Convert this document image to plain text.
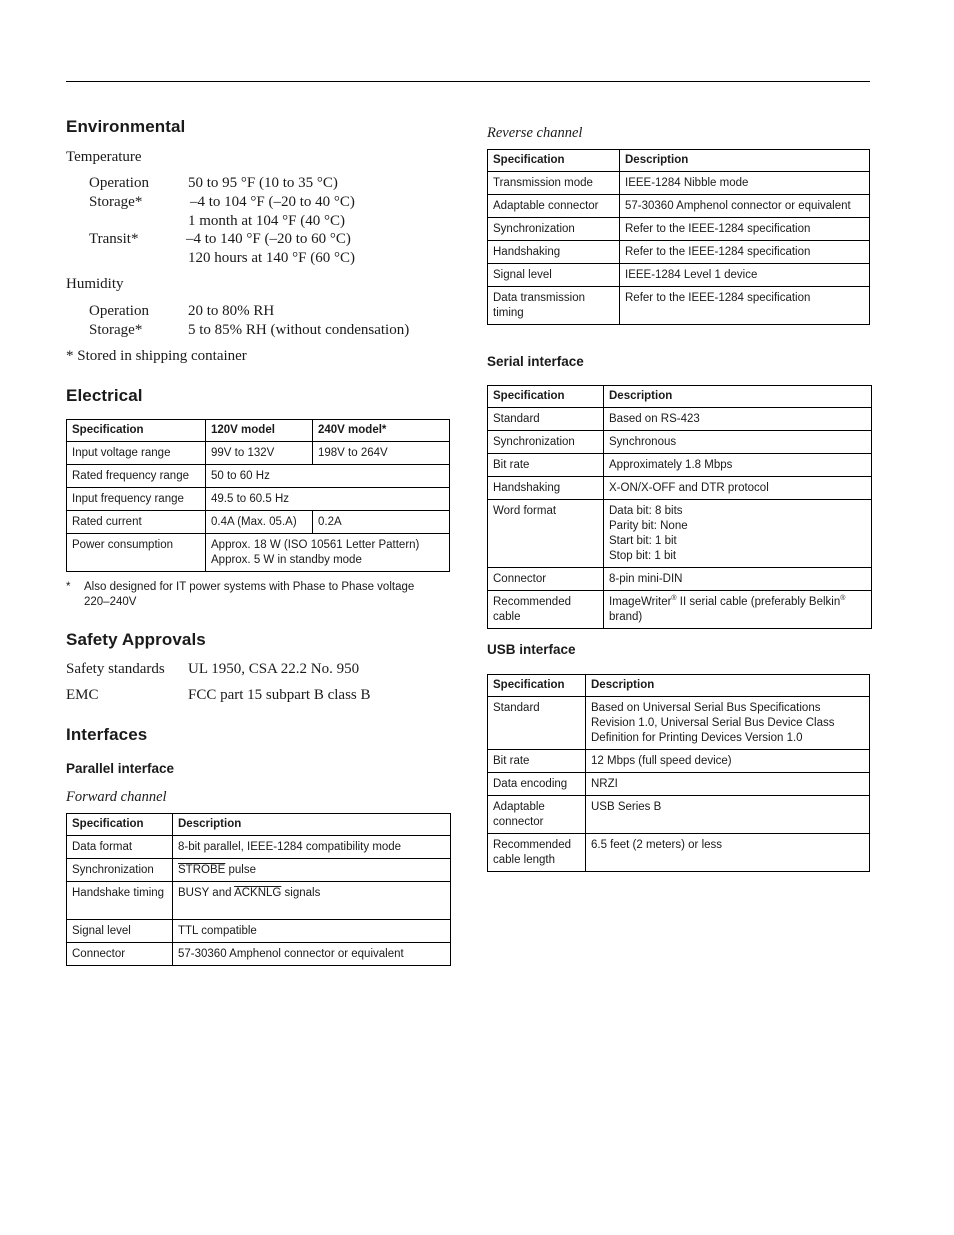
Environmental
Temperature
Operation	50 to 95 °F (10 to 35 °C)
Storage*	–4 to 104 °F (–20 to 40 °C)
1 month at 104 °F (40 °C)
Transit*	–4 to 140 °F (–20 to 60 °C)
120 hours at 140 °F (60 °C)
Humidity
Operation	20 to 80% RH
Storage*	5 to 85% RH (without condensation)
* Stored in shipping container
Electrical
Specification	120V model	240V model*
Input voltage range	99V to 132V	198V to 264V
Rated frequency range	50 to 60 Hz	
Input frequency range	49.5 to 60.5 Hz	
Rated current	0.4A (Max. 05.A)	0.2A
Power consumption	Approx. 18 W (ISO 10561 Letter Pattern)
Approx. 5 W in standby mode	
* Also designed for IT power systems with Phase to Phase voltage 220–240V
Safety Approvals
Safety standards UL 1950, CSA 22.2 No. 950
EMC	FCC part 15 subpart B class B
Interfaces
Parallel interface
Forward channel
Specification	Description
Data format	8-bit parallel, IEEE-1284 compatibility mode
Synchronization	STROBE pulse
Handshake timing	BUSY and ACKNLG signals
Signal level	TTL compatible
Connector	57-30360 Amphenol connector or equivalent
Reverse channel
Specification	Description
Transmission mode	IEEE-1284 Nibble mode
Adaptable connector	57-30360 Amphenol connector or equivalent
Synchronization	Refer to the IEEE-1284 specification
Handshaking	Refer to the IEEE-1284 specification
Signal level	IEEE-1284 Level 1 device
Data transmission timing	Refer to the IEEE-1284 specification
Serial interface
Specification	Description
Standard	Based on RS-423
Synchronization	Synchronous
Bit rate	Approximately 1.8 Mbps
Handshaking	X-ON/X-OFF and DTR protocol
Word format	Data bit: 8 bits
Parity bit: None
Start bit: 1 bit
Stop bit: 1 bit

Connector	8-pin mini-DIN
Recommended cable	ImageWriter® II serial cable (preferably Belkin® brand)
USB interface
Specification	Description
Standard	Based on Universal Serial Bus Specifications Revision 1.0, Universal Serial Bus Device Class Definition for Printing Devices Version 1.0
Bit rate	12 Mbps (full speed device)
Data encoding	NRZI
Adaptable connector	USB Series B
Recommended cable length	6.5 feet (2 meters) or less
